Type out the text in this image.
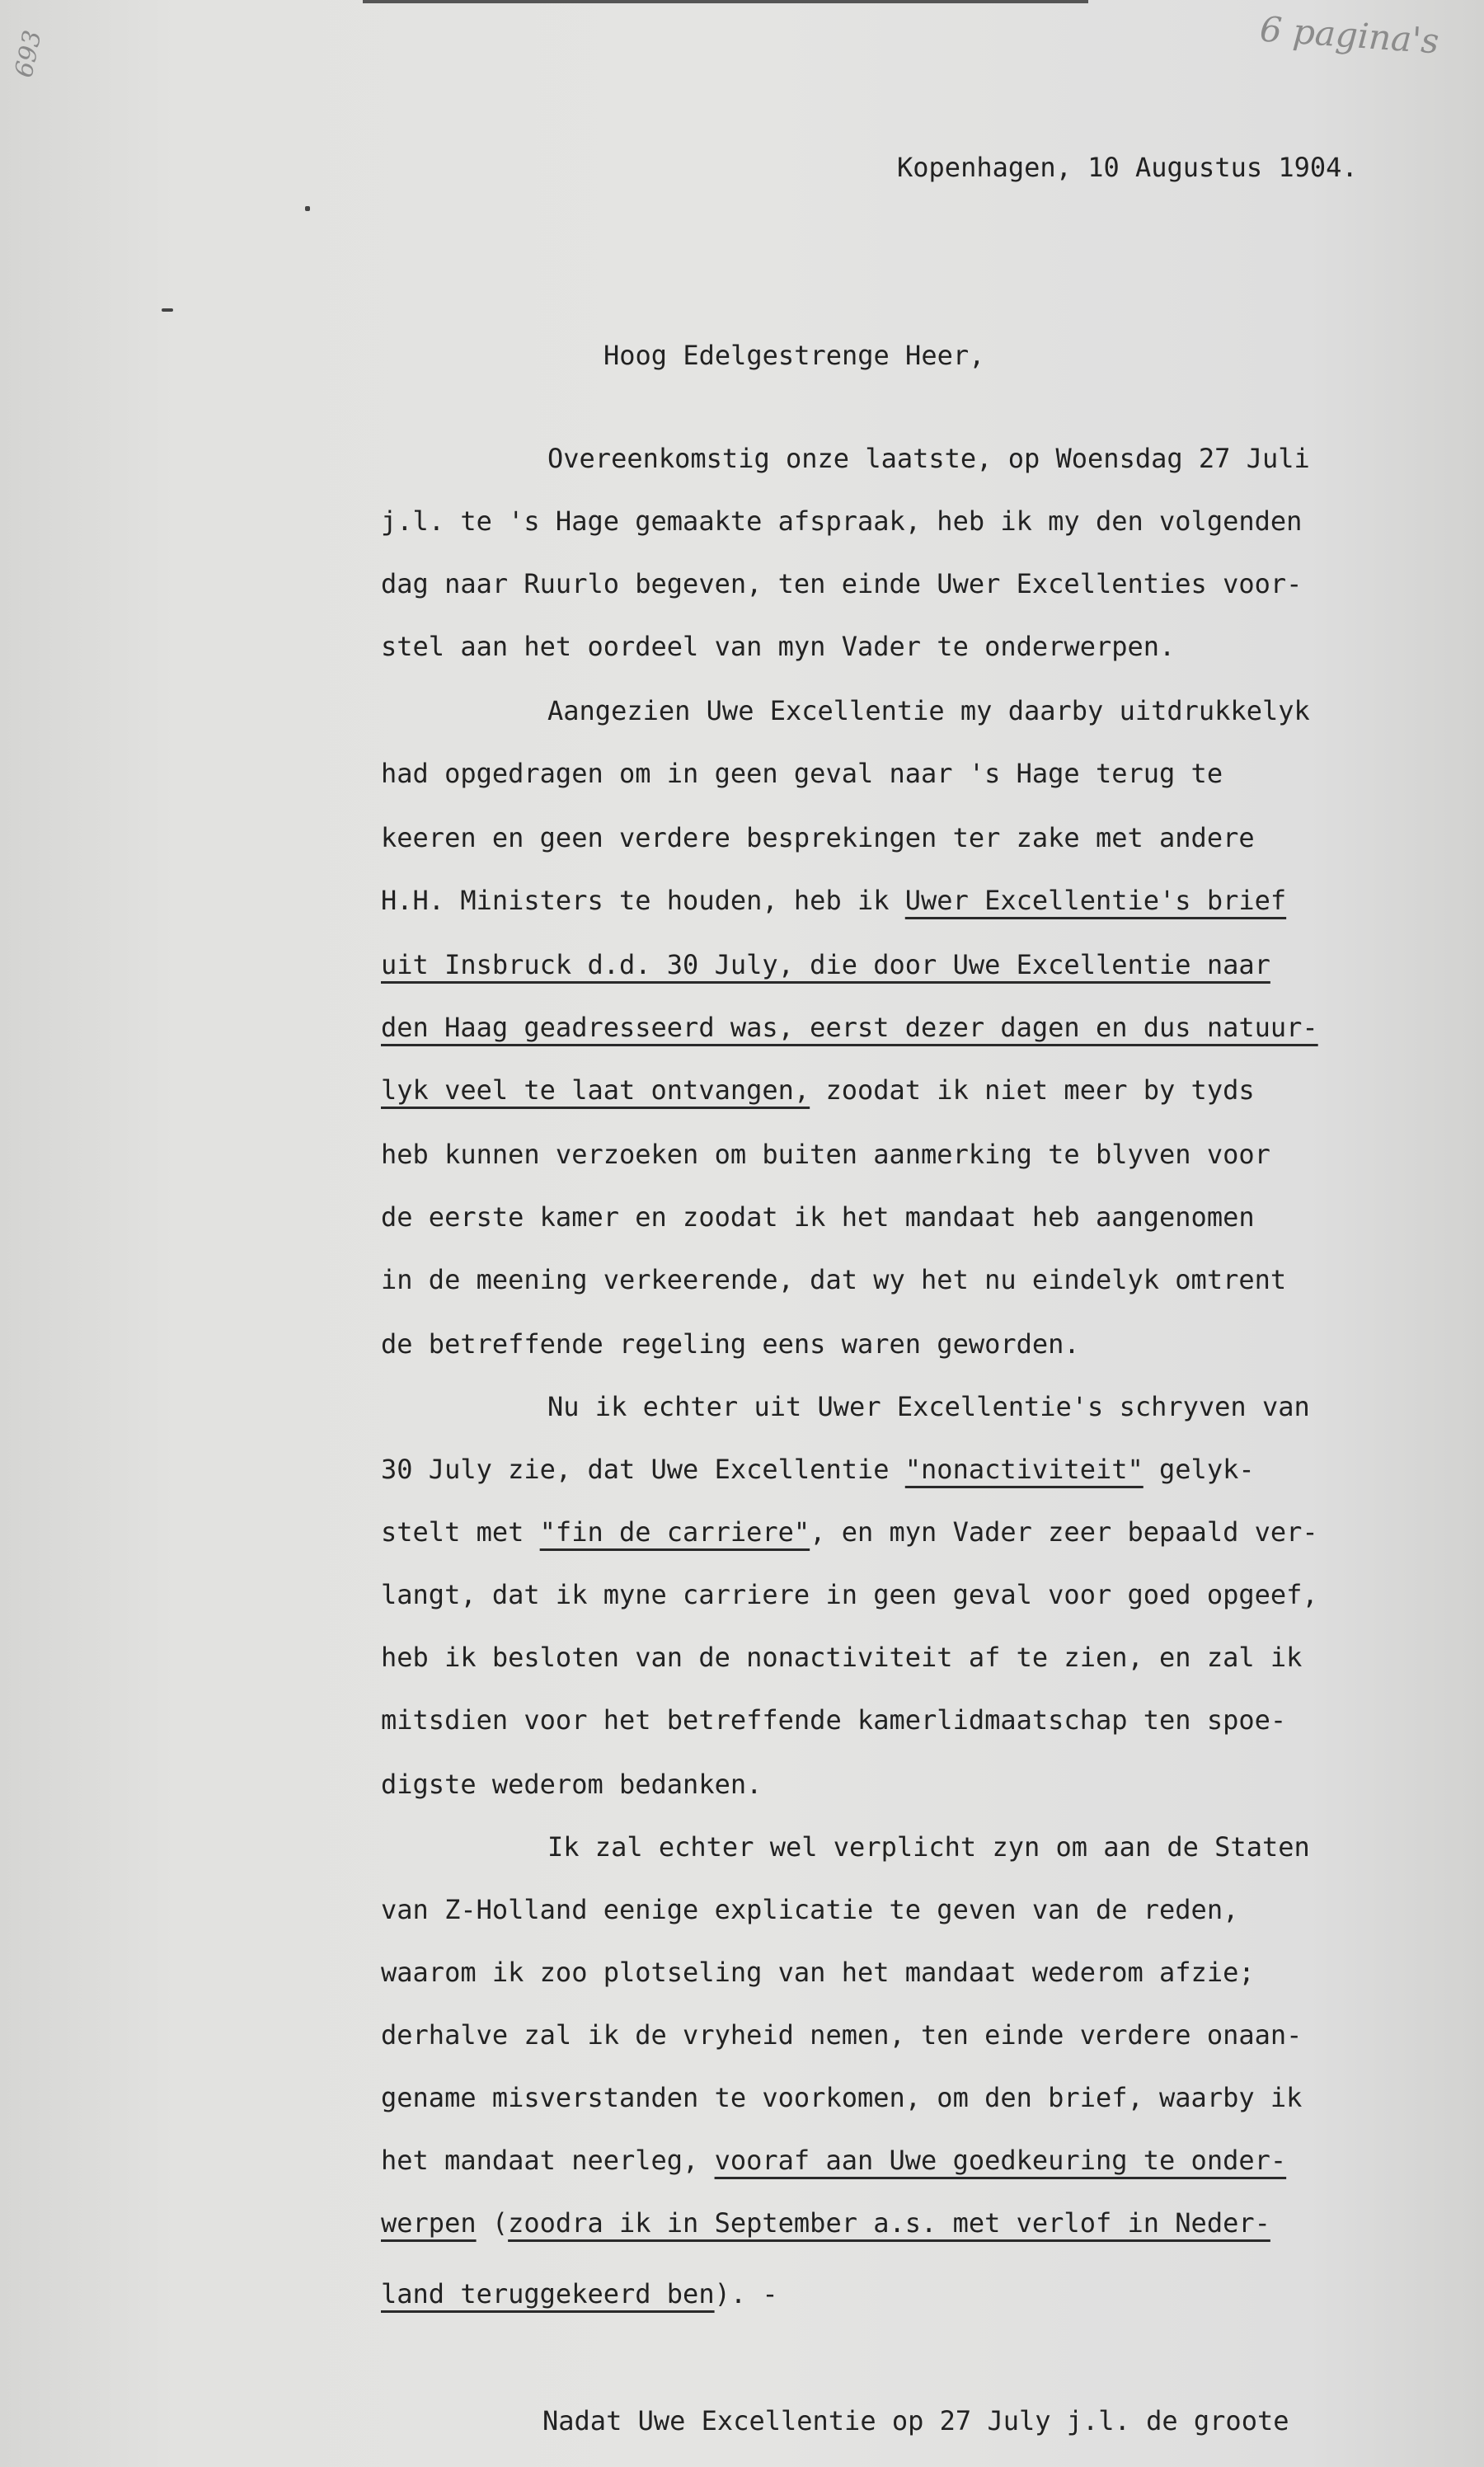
693	6 pagina's
Kopenhagen, 10 Augustus 1904.
Hoog Edelgestrenge Heer,
Overeenkomstig onze laatste, op Woensdag 27 Juli
j.l. te 's Hage gemaakte afspraak, heb ik my den volgenden
dag naar Ruurlo begeven, ten einde Uwer Excellenties voor-
stel aan het oordeel van myn Vader te onderwerpen.
Aangezien Uwe Excellentie my daarby uitdrukkelyk
had opgedragen om in geen geval naar 's Hage terug te
keeren en geen verdere besprekingen ter zake met andere
H.H. Ministers te houden, heb ik Uwer Excellentie's brief
uit Insbruck d.d. 30 July, die door Uwe Excellentie naar
den Haag geadresseerd was, eerst dezer dagen en dus natuur-
lyk veel te laat ontvangen, zoodat ik niet meer by tyds
heb kunnen verzoeken om buiten aanmerking te blyven voor
de eerste kamer en zoodat ik het mandaat heb aangenomen
in de meening verkeerende, dat wy het nu eindelyk omtrent
de betreffende regeling eens waren geworden.
Nu ik echter uit Uwer Excellentie's schryven van
30 July zie, dat Uwe Excellentie "nonactiviteit" gelyk-
stelt met "fin de carriere", en myn Vader zeer bepaald ver-
langt, dat ik myne carriere in geen geval voor goed opgeef,
heb ik besloten van de nonactiviteit af te zien, en zal ik
mitsdien voor het betreffende kamerlidmaatschap ten spoe-
digste wederom bedanken.
Ik zal echter wel verplicht zyn om aan de Staten
van Z-Holland eenige explicatie te geven van de reden,
waarom ik zoo plotseling van het mandaat wederom afzie;
derhalve zal ik de vryheid nemen, ten einde verdere onaan-
gename misverstanden te voorkomen, om den brief, waarby ik
het mandaat neerleg, vooraf aan Uwe goedkeuring te onder-
werpen (zoodra ik in September a.s. met verlof in Neder-
land teruggekeerd ben). -
Nadat Uwe Excellentie op 27 July j.l. de groote
